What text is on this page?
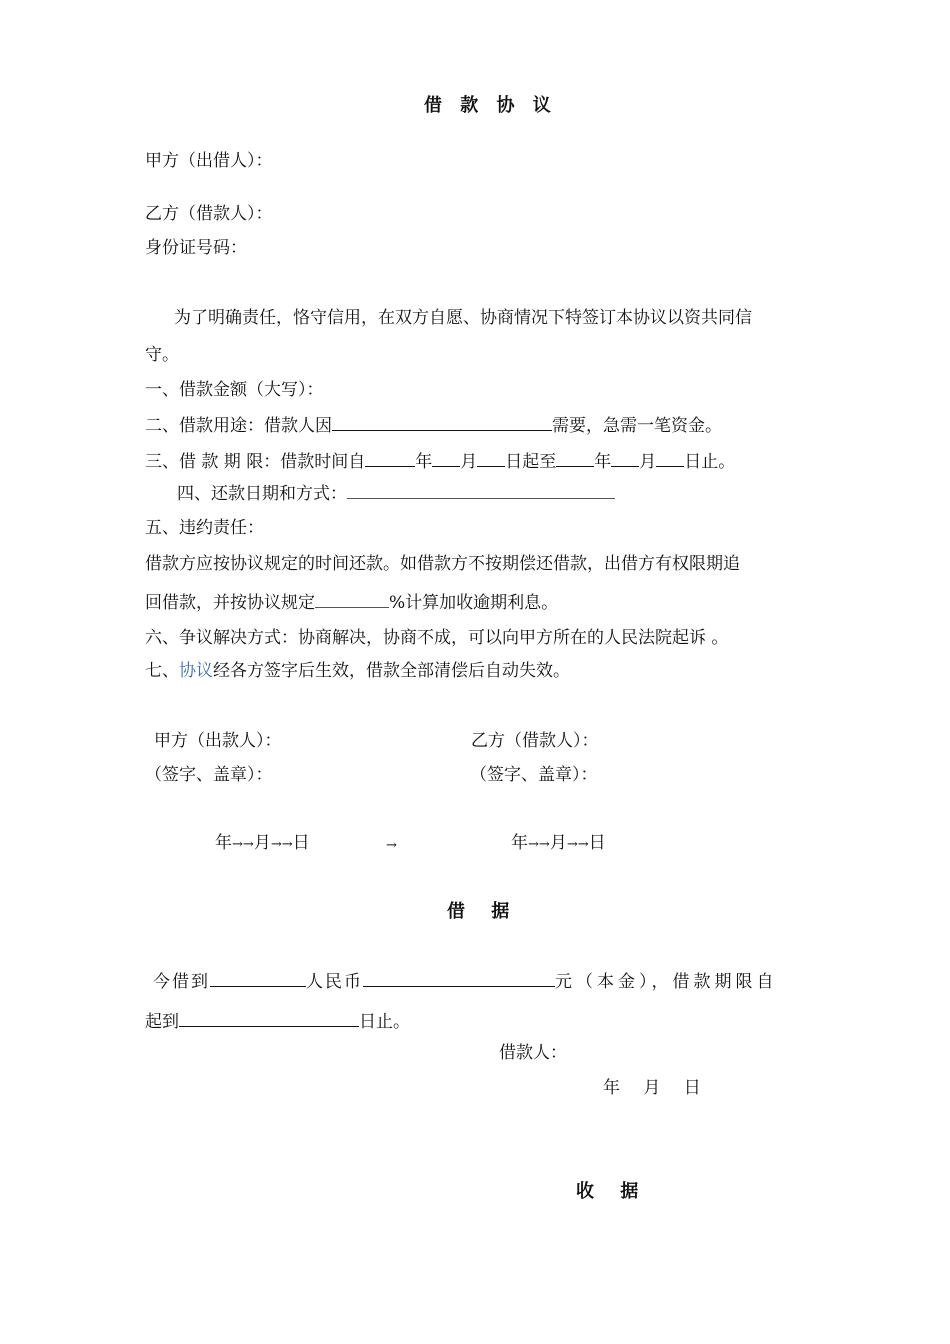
借 款 协 议
甲方（出借人）：
乙方（借款人）：
身份证号码：
为了明确责任，恪守信用，在双方自愿、协商情况下特签订本协议以资共同信
守。
一、借款金额（大写）：
二、借款用途：借款人因	需要，急需一笔资金。
三、借 款 期 限：借款时间自	年 月 日起至 年 月 日止。
四、还款日期和方式：
五、违约责任：
借款方应按协议规定的时间还款。如借款方不按期偿还借款，出借方有权限期追
回借款，并按协议规定	%计算加收逾期利息。
六、争议解决方式：协商解决，协商不成，可以向甲方所在的人民法院起诉 。
七、协议经各方签字后生效，借款全部清偿后自动失效。
甲方（出款人）：	乙方（借款人）：
（签字、盖章）：	（签字、盖章）：
年→→月→→日	→	年→→月→→日
借 据
今借到	人民币	元（本金），借款期限自
起到	日止。
借款人：
年 月 日
收 据
